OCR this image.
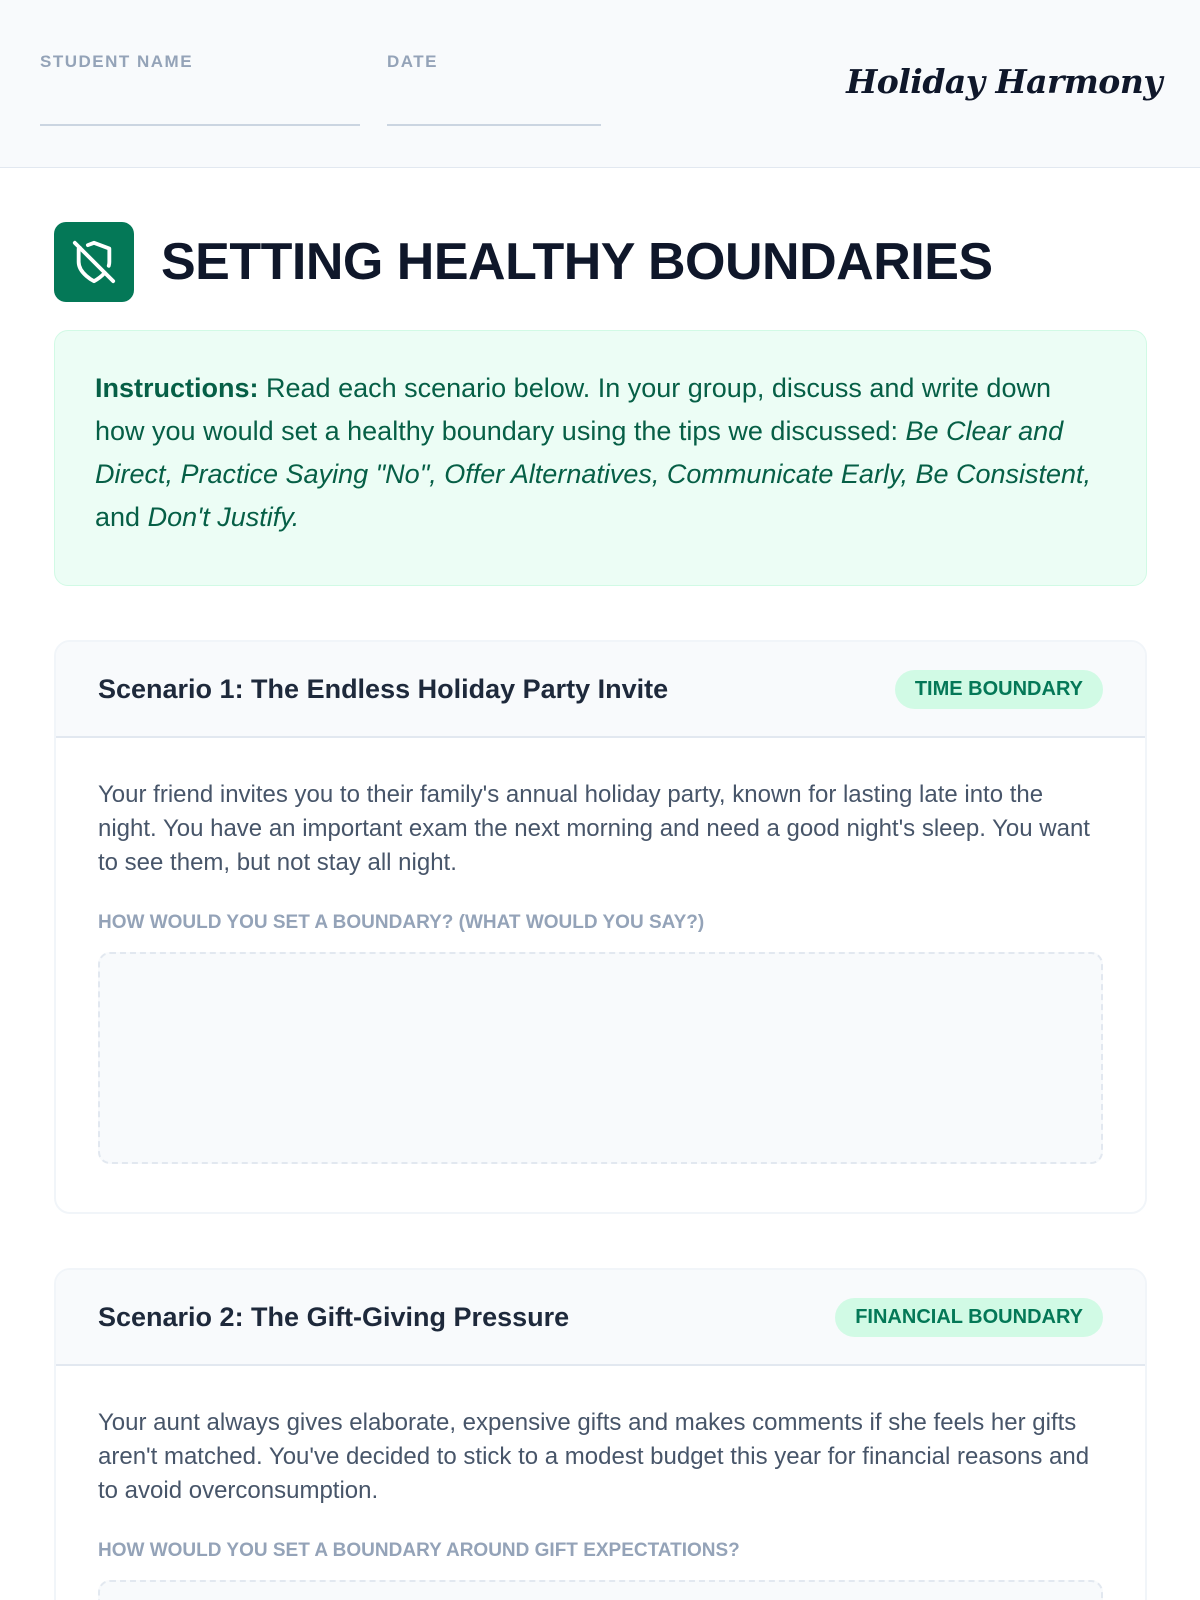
STUDENT NAME	DATE
Holiday Harmony
SETTING HEALTHY BOUNDARIES
Instructions: Read each scenario below. In your group, discuss and write down how you would set a healthy boundary using the tips we discussed: Be Clear and Direct, Practice Saying "No", Offer Alternatives, Communicate Early, Be Consistent, and Don't Justify.
Scenario 1: The Endless Holiday Party Invite	TIME BOUNDARY

Your friend invites you to their family's annual holiday party, known for lasting late into the night. You have an important exam the next morning and need a good night's sleep. You want to see them, but not stay all night.

HOW WOULD YOU SET A BOUNDARY? (WHAT WOULD YOU SAY?)
Scenario 2: The Gift-Giving Pressure	FINANCIAL BOUNDARY

Your aunt always gives elaborate, expensive gifts and makes comments if she feels her gifts aren't matched. You've decided to stick to a modest budget this year for financial reasons and to avoid overconsumption.

HOW WOULD YOU SET A BOUNDARY AROUND GIFT EXPECTATIONS?
